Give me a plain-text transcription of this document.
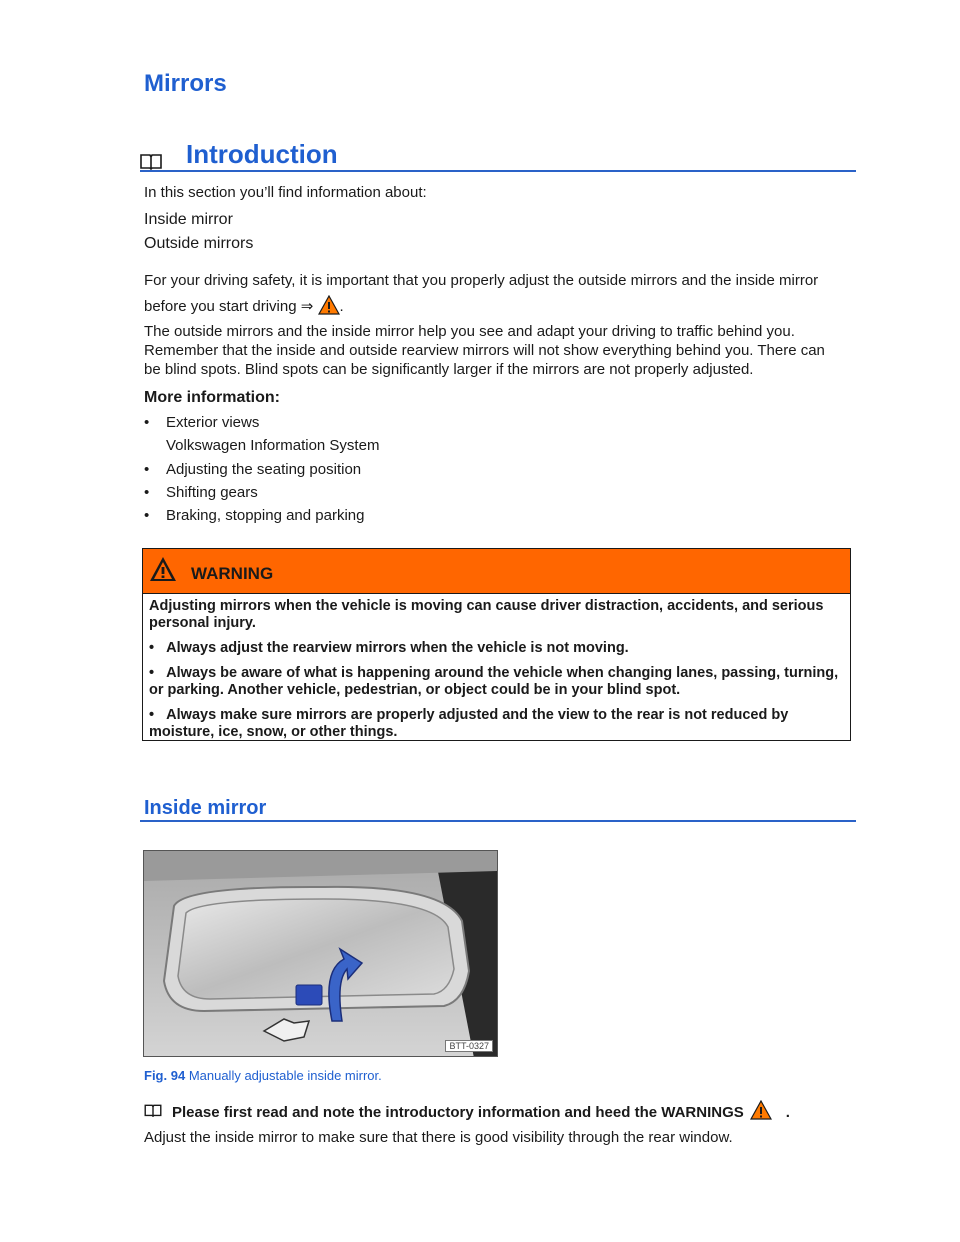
Mirrors
Introduction

In this section you’ll find information about:

Inside mirror

Outside mirrors

For your driving safety, it is important that you properly adjust the outside mirrors and the inside mirror before you start driving ⇒ .

The outside mirrors and the inside mirror help you see and adapt your driving to traffic behind you. Remember that the inside and outside rearview mirrors will not show everything behind you. There can be blind spots. Blind spots can be significantly larger if the mirrors are not properly adjusted.

More information:
• Exterior views
Volkswagen Information System
• Adjusting the seating position
• Shifting gears
• Braking, stopping and parking
WARNING

Adjusting mirrors when the vehicle is moving can cause driver distraction, accidents, and serious personal injury.

• Always adjust the rearview mirrors when the vehicle is not moving.

• Always be aware of what is happening around the vehicle when changing lanes, passing, turning, or parking. Another vehicle, pedestrian, or object could be in your blind spot.

• Always make sure mirrors are properly adjusted and the view to the rear is not reduced by moisture, ice, snow, or other things.

Inside mirror
BTT-0327

Fig. 94 Manually adjustable inside mirror.

Please first read and note the introductory information and heed the WARNINGS	.

Adjust the inside mirror to make sure that there is good visibility through the rear window.
